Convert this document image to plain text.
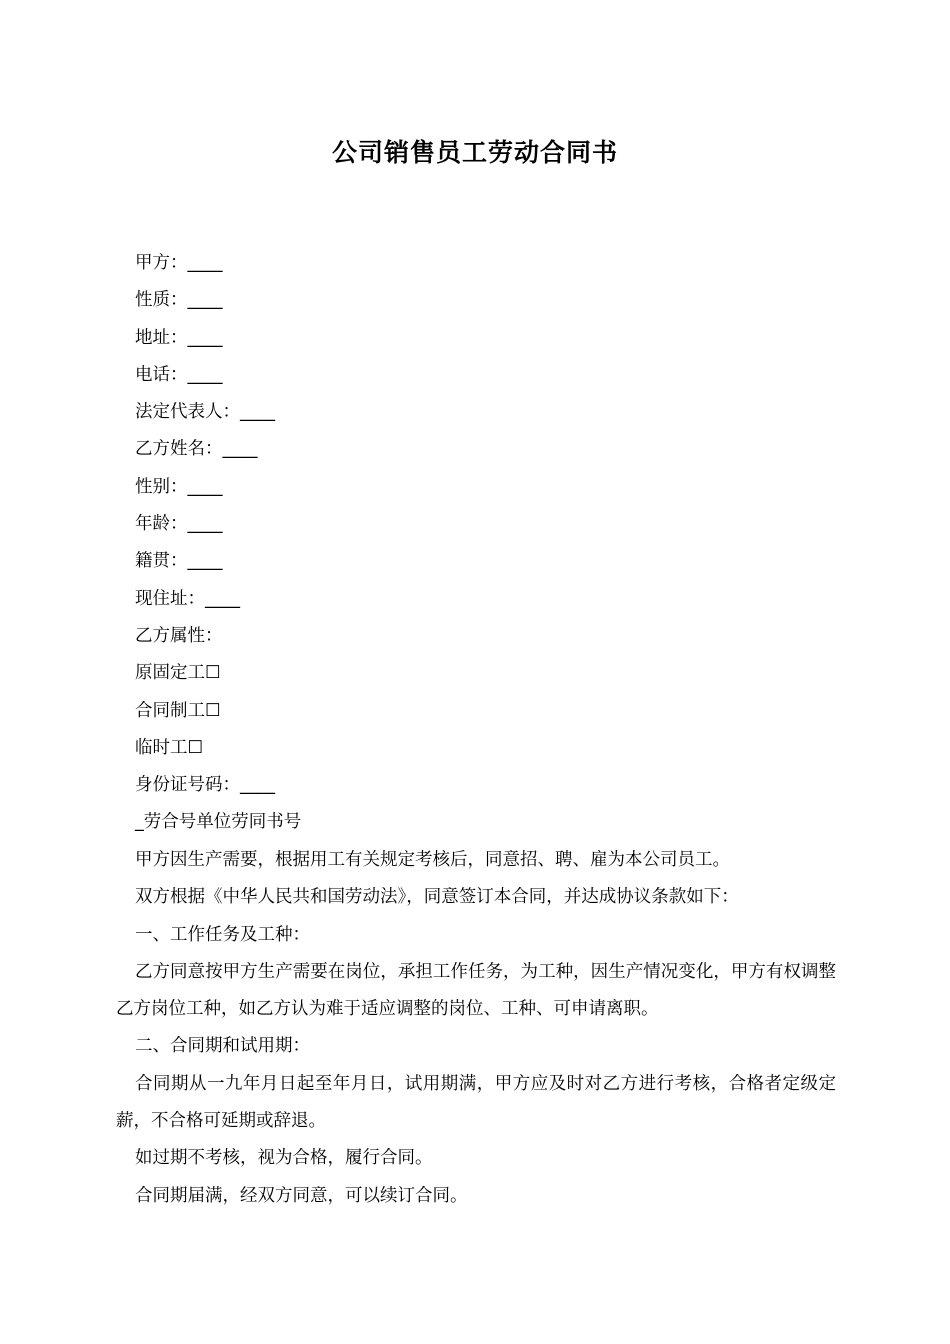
公司销售员工劳动合同书
甲方：____
性质：____
地址：____
电话：____
法定代表人：____
乙方姓名：____
性别：____
年龄：____
籍贯：____
现住址：____
乙方属性：
原固定工☐
合同制工☐
临时工☐
身份证号码：____
_劳合号单位劳同书号
甲方因生产需要，根据用工有关规定考核后，同意招、聘、雇为本公司员工。
双方根据《中华人民共和国劳动法》，同意签订本合同，并达成协议条款如下：
一、工作任务及工种：
乙方同意按甲方生产需要在岗位，承担工作任务，为工种，因生产情况变化，甲方有权调整乙方岗位工种，如乙方认为难于适应调整的岗位、工种、可申请离职。
二、合同期和试用期：
合同期从一九年月日起至年月日，试用期满，甲方应及时对乙方进行考核，合格者定级定薪，不合格可延期或辞退。
如过期不考核，视为合格，履行合同。
合同期届满，经双方同意，可以续订合同。
